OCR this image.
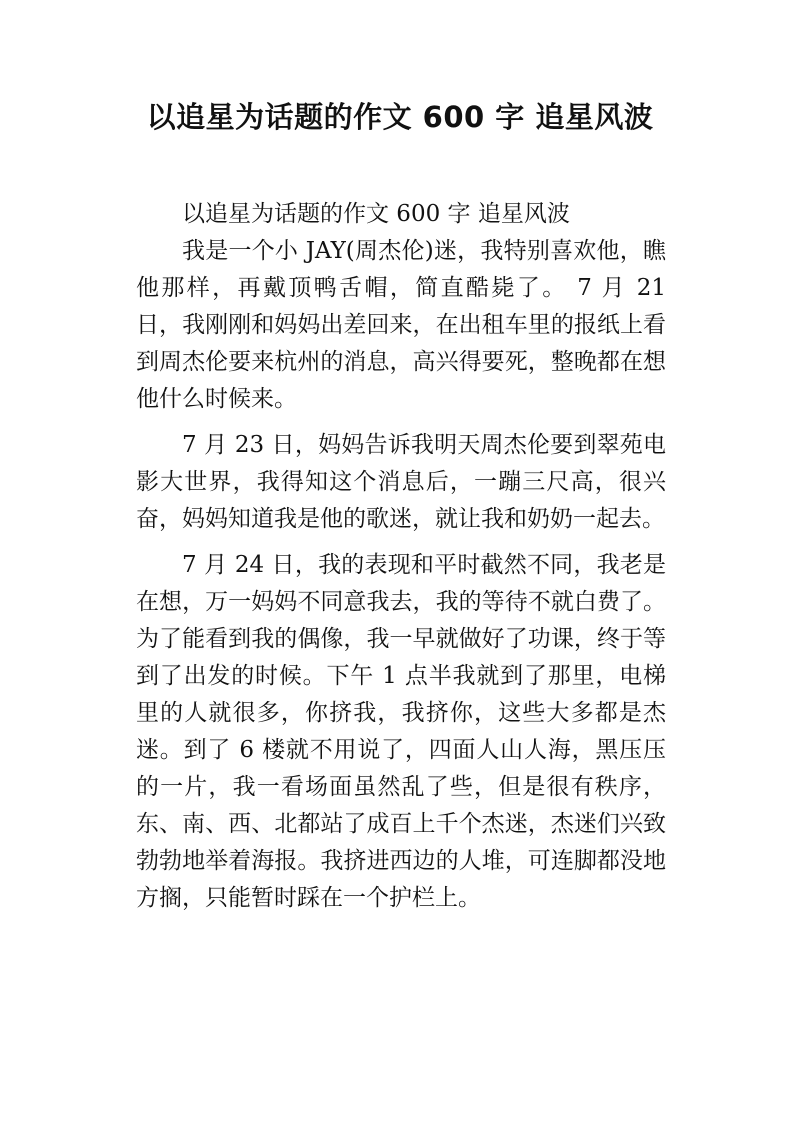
以追星为话题的作文 600 字 追星风波

以追星为话题的作文 600 字 追星风波

我是一个小 JAY(周杰伦)迷，我特别喜欢他，瞧他那样，再戴顶鸭舌帽，简直酷毙了。 7 月 21 日，我刚刚和妈妈出差回来，在出租车里的报纸上看到周杰伦要来杭州的消息，高兴得要死，整晚都在想他什么时候来。

7 月 23 日，妈妈告诉我明天周杰伦要到翠苑电影大世界，我得知这个消息后，一蹦三尺高，很兴奋，妈妈知道我是他的歌迷，就让我和奶奶一起去。

7 月 24 日，我的表现和平时截然不同，我老是在想，万一妈妈不同意我去，我的等待不就白费了。为了能看到我的偶像，我一早就做好了功课，终于等到了出发的时候。下午 1 点半我就到了那里，电梯里的人就很多，你挤我，我挤你，这些大多都是杰迷。到了 6 楼就不用说了，四面人山人海，黑压压的一片，我一看场面虽然乱了些，但是很有秩序，东、南、西、北都站了成百上千个杰迷，杰迷们兴致勃勃地举着海报。我挤进西边的人堆，可连脚都没地方搁，只能暂时踩在一个护栏上。
